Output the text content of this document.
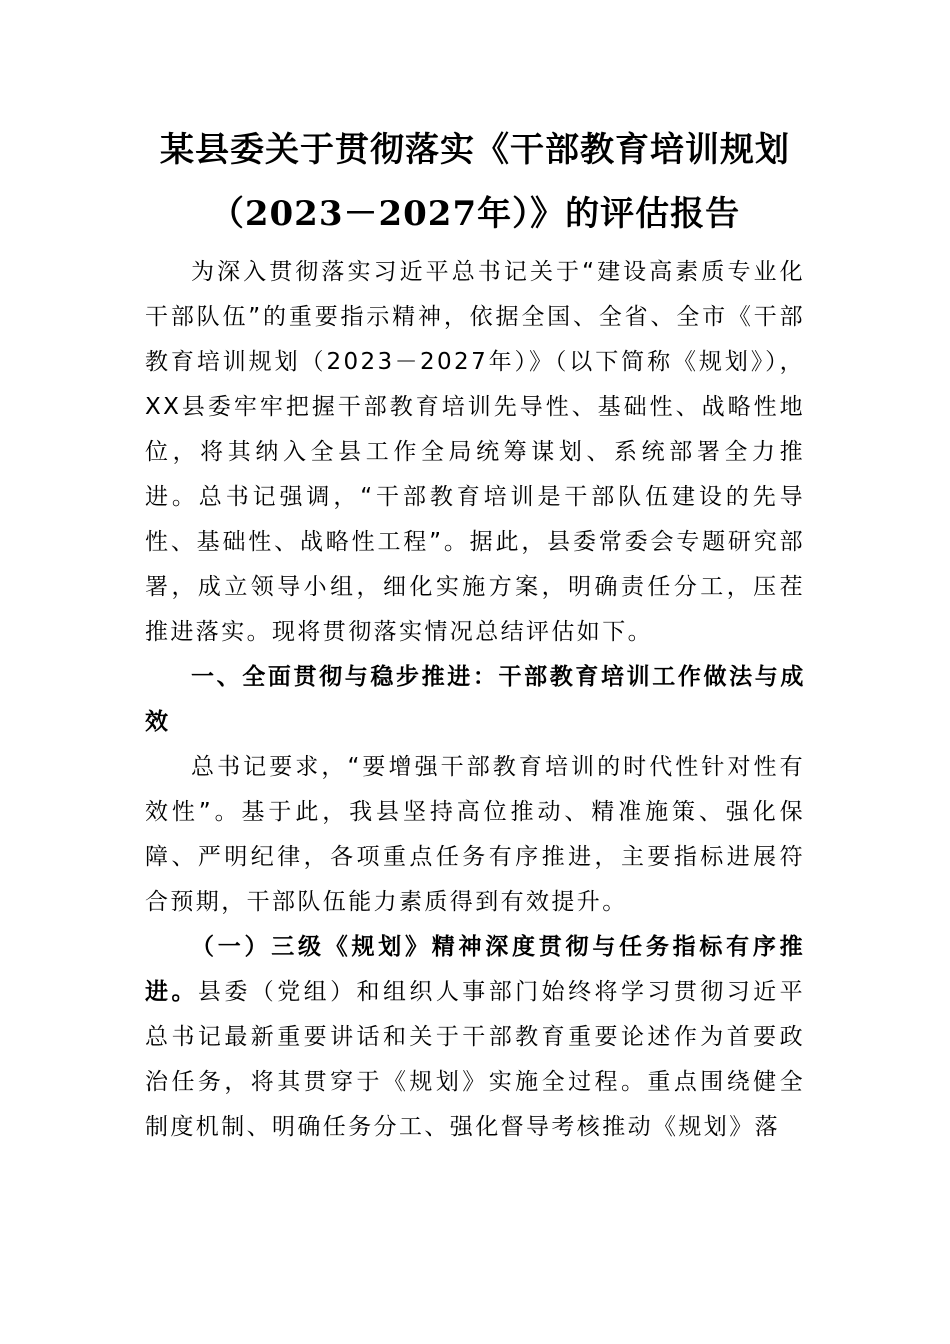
某县委关于贯彻落实《干部教育培训规划
（2023－2027年）》的评估报告

为深入贯彻落实习近平总书记关于“建设高素质专业化干部队伍”的重要指示精神，依据全国、全省、全市《干部教育培训规划（2023－2027年）》（以下简称《规划》），XX县委牢牢把握干部教育培训先导性、基础性、战略性地位，将其纳入全县工作全局统筹谋划、系统部署全力推进。总书记强调，“干部教育培训是干部队伍建设的先导性、基础性、战略性工程”。据此，县委常委会专题研究部署，成立领导小组，细化实施方案，明确责任分工，压茬推进落实。现将贯彻落实情况总结评估如下。

一、全面贯彻与稳步推进：干部教育培训工作做法与成效

总书记要求，“要增强干部教育培训的时代性针对性有效性”。基于此，我县坚持高位推动、精准施策、强化保障、严明纪律，各项重点任务有序推进，主要指标进展符合预期，干部队伍能力素质得到有效提升。

（一）三级《规划》精神深度贯彻与任务指标有序推进。县委（党组）和组织人事部门始终将学习贯彻习近平总书记最新重要讲话和关于干部教育重要论述作为首要政治任务，将其贯穿于《规划》实施全过程。重点围绕健全制度机制、明确任务分工、强化督导考核推动《规划》落
